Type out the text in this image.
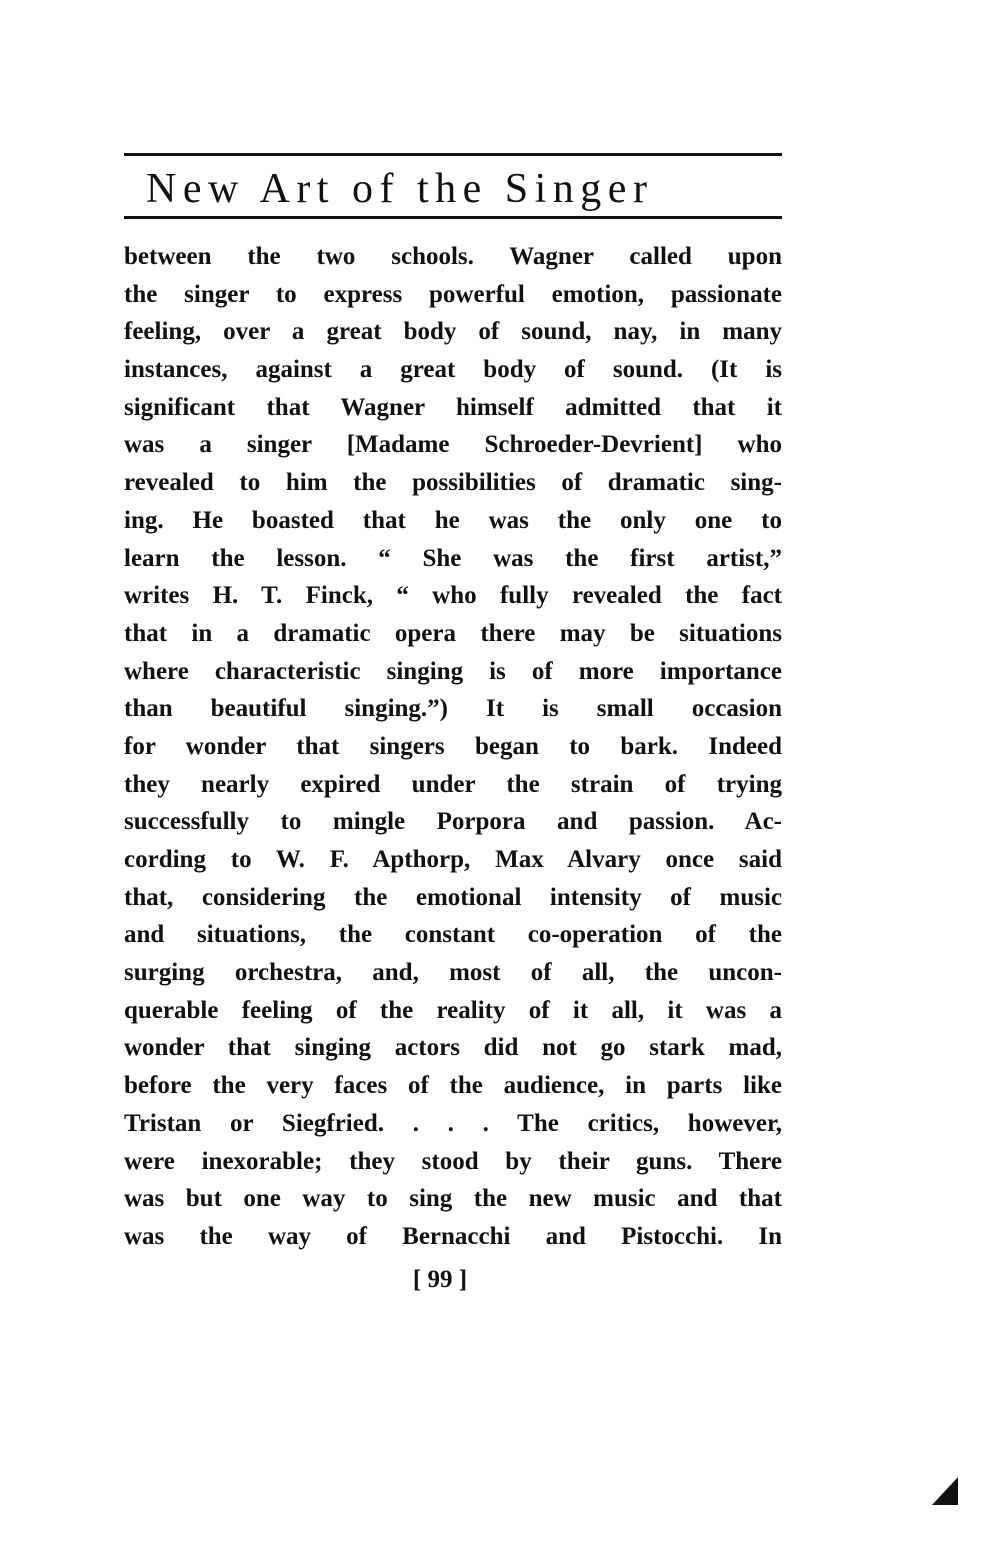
New Art of the Singer
between the two schools. Wagner called upon
the singer to express powerful emotion, passionate
feeling, over a great body of sound, nay, in many
instances, against a great body of sound. (It is
significant that Wagner himself admitted that it
was a singer [Madame Schroeder-Devrient] who
revealed to him the possibilities of dramatic sing-
ing. He boasted that he was the only one to
learn the lesson. “ She was the first artist,”
writes H. T. Finck, “ who fully revealed the fact
that in a dramatic opera there may be situations
where characteristic singing is of more importance
than beautiful singing.”) It is small occasion
for wonder that singers began to bark. Indeed
they nearly expired under the strain of trying
successfully to mingle Porpora and passion. Ac-
cording to W. F. Apthorp, Max Alvary once said
that, considering the emotional intensity of music
and situations, the constant co-operation of the
surging orchestra, and, most of all, the uncon-
querable feeling of the reality of it all, it was a
wonder that singing actors did not go stark mad,
before the very faces of the audience, in parts like
Tristan or Siegfried. . . . The critics, however,
were inexorable; they stood by their guns. There
was but one way to sing the new music and that
was the way of Bernacchi and Pistocchi. In
[ 99 ]
